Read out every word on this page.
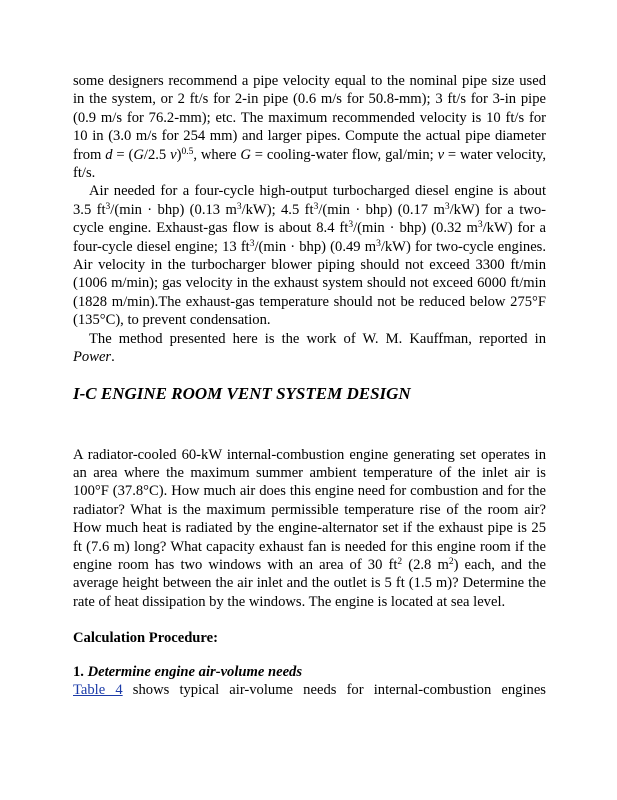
some designers recommend a pipe velocity equal to the nominal pipe size used in the system, or 2 ft/s for 2-in pipe (0.6 m/s for 50.8-mm); 3 ft/s for 3-in pipe (0.9 m/s for 76.2-mm); etc. The maximum recommended velocity is 10 ft/s for 10 in (3.0 m/s for 254 mm) and larger pipes. Compute the actual pipe diameter from d = (G/2.5 v)$^{0.5}$, where G = cooling-water flow, gal/min; v = water velocity, ft/s.

Air needed for a four-cycle high-output turbocharged diesel engine is about 3.5 $ft^3/(\min \cdot bhp)$ (0.13 $m^3/kW$); 4.5 $ft^3/(\min \cdot bhp)$ (0.17 $m^3/kW$) for a two-cycle engine. Exhaust-gas flow is about 8.4 $ft^3/(\min \cdot bhp)$ (0.32 $m^3/kW$) for a four-cycle diesel engine; 13 $ft^3/(\min \cdot bhp)$ (0.49 $m^3/kW$) for two-cycle engines. Air velocity in the turbocharger blower piping should not exceed 3300 ft/min (1006 m/min); gas velocity in the exhaust system should not exceed 6000 ft/min (1828 m/min).The exhaust-gas temperature should not be reduced below 275°F (135°C), to prevent condensation.

The method presented here is the work of W. M. Kauffman, reported in Power.

I-C ENGINE ROOM VENT SYSTEM DESIGN

A radiator-cooled 60-kW internal-combustion engine generating set operates in an area where the maximum summer ambient temperature of the inlet air is 100°F (37.8°C). How much air does this engine need for combustion and for the radiator? What is the maximum permissible temperature rise of the room air? How much heat is radiated by the engine-alternator set if the exhaust pipe is 25 ft (7.6 m) long? What capacity exhaust fan is needed for this engine room if the engine room has two windows with an area of 30 $ft^2$ (2.8 $m^2$) each, and the average height between the air inlet and the outlet is 5 ft (1.5 m)? Determine the rate of heat dissipation by the windows. The engine is located at sea level.

Calculation Procedure:

1. Determine engine air-volume needs

Table 4 shows typical air-volume needs for internal-combustion engines
